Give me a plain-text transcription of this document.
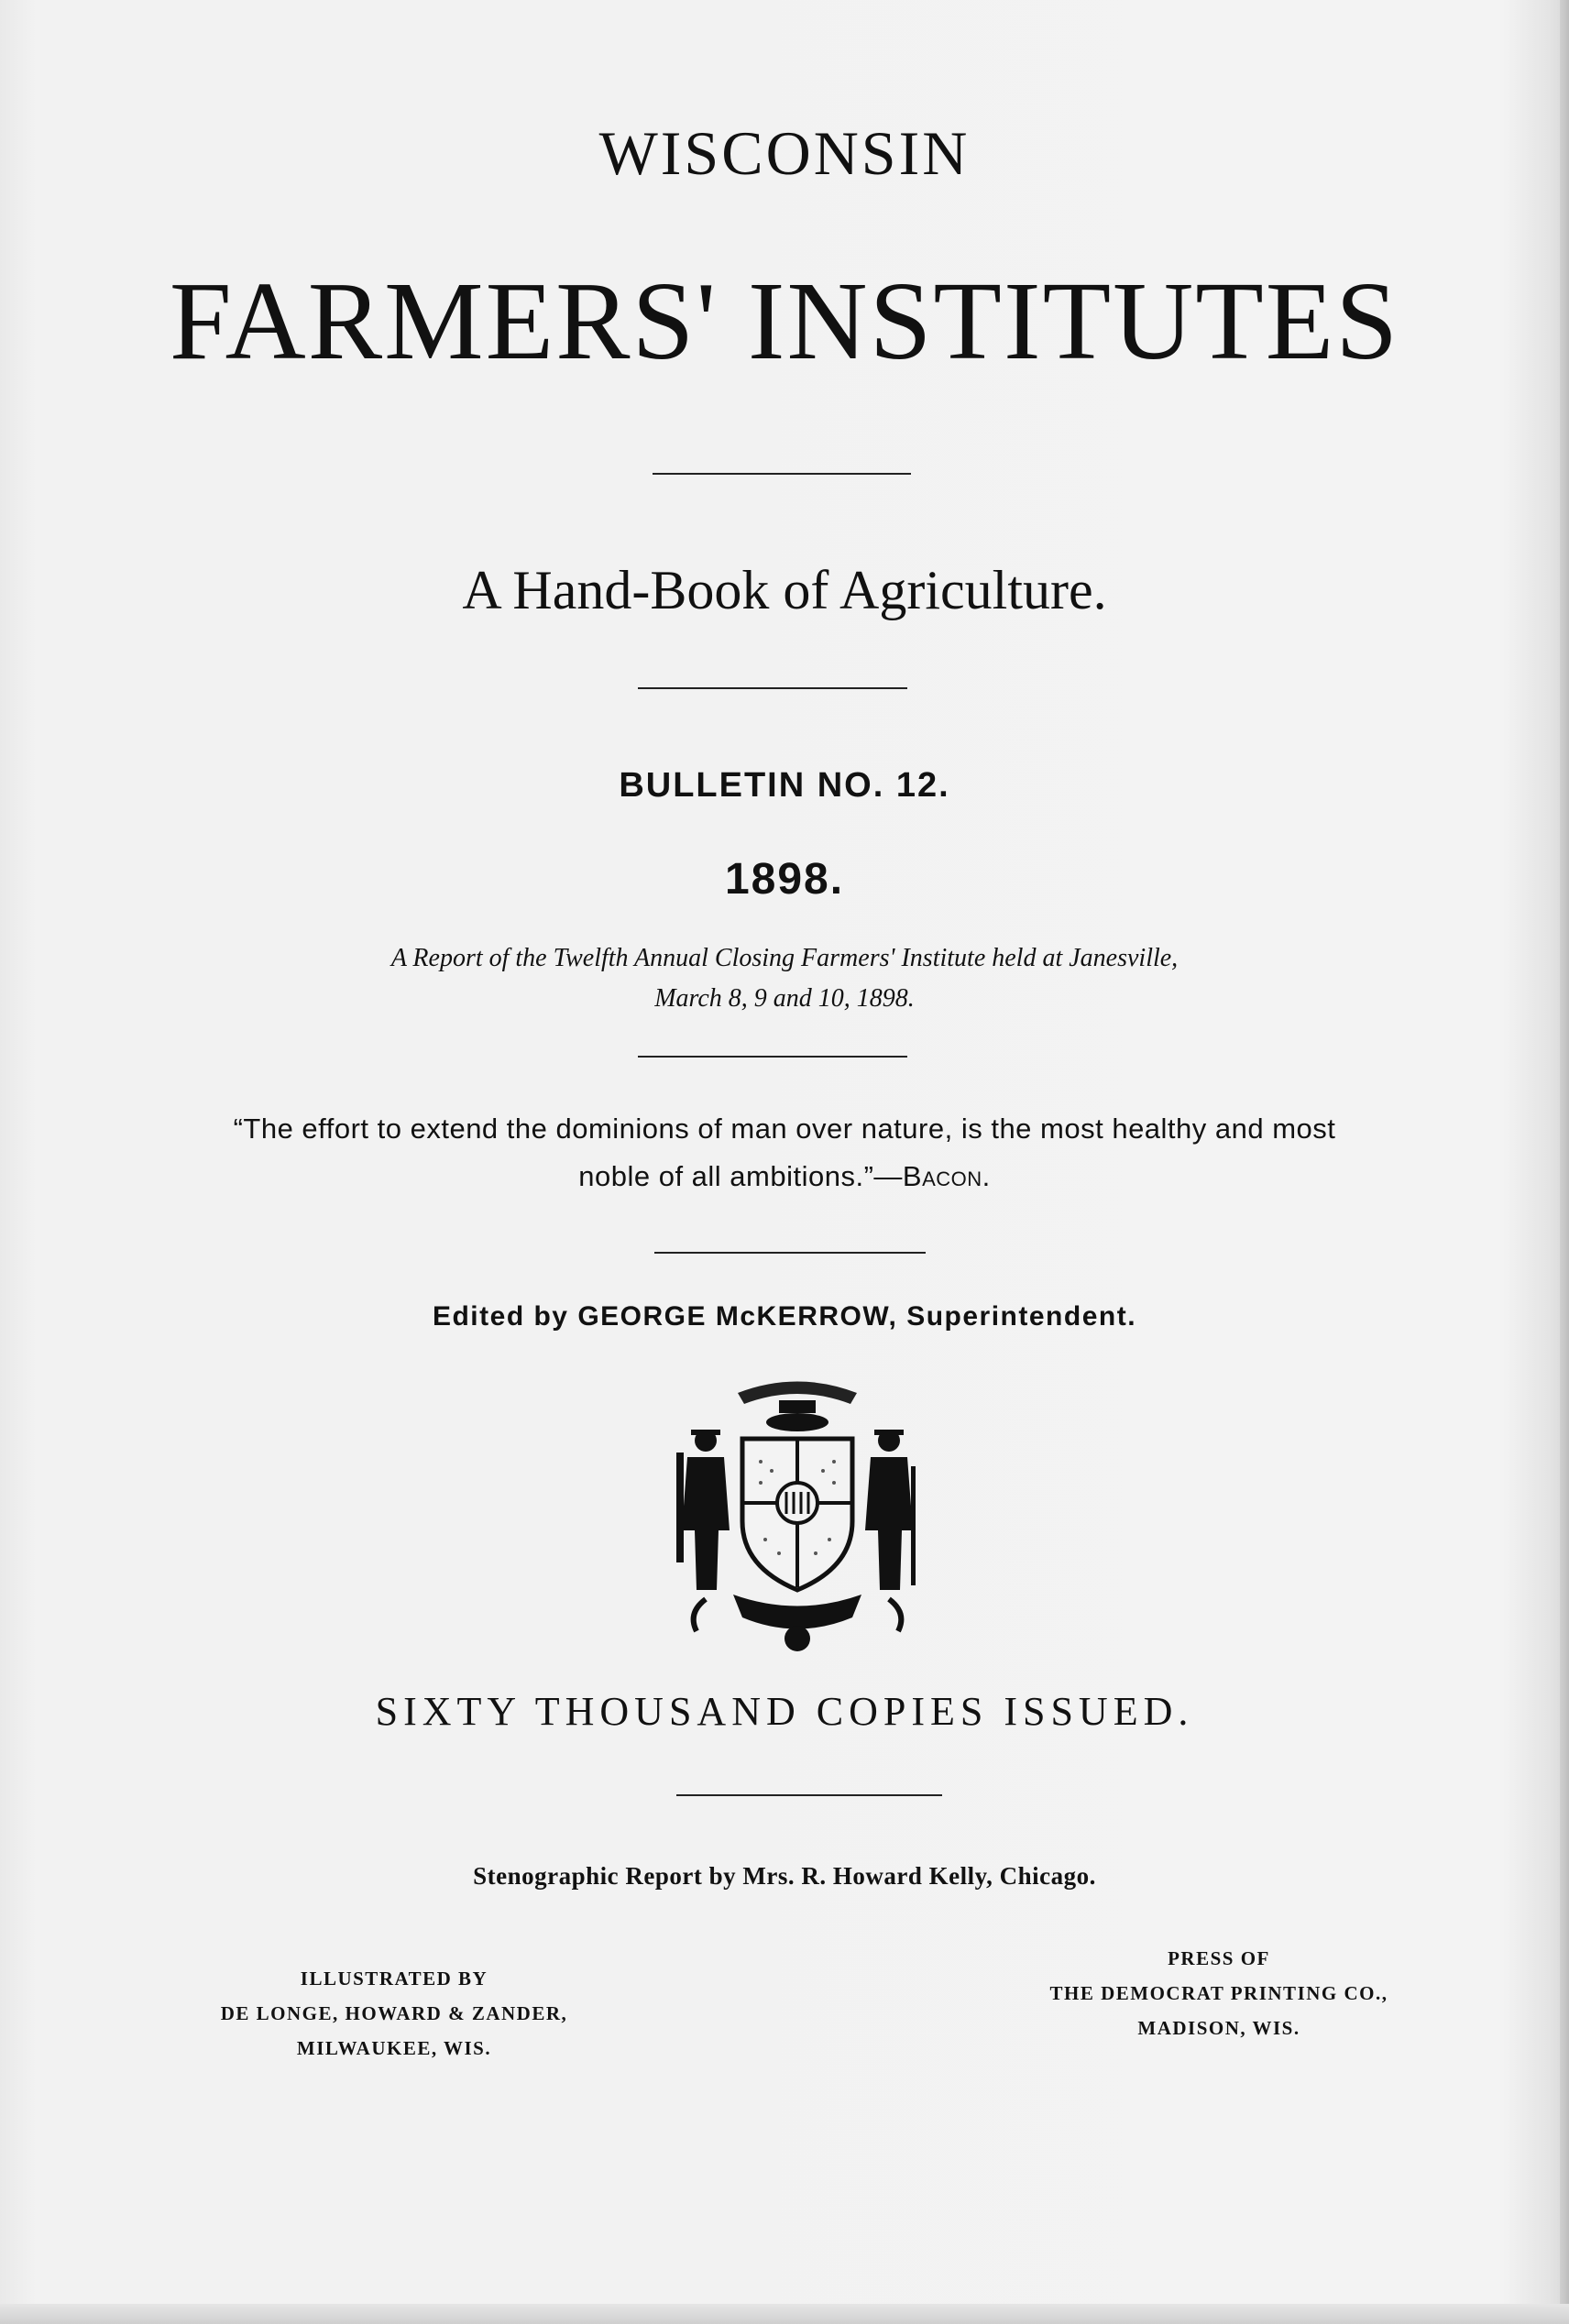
WISCONSIN
FARMERS' INSTITUTES
A Hand-Book of Agriculture.
BULLETIN NO. 12.
1898.
A Report of the Twelfth Annual Closing Farmers' Institute held at Janesville,
March 8, 9 and 10, 1898.
“The effort to extend the dominions of man over nature, is the most healthy and most noble of all ambitions.”—Bacon.
Edited by GEORGE McKERROW, Superintendent.
SIXTY THOUSAND COPIES ISSUED.
Stenographic Report by Mrs. R. Howard Kelly, Chicago.
ILLUSTRATED BY
DE LONGE, HOWARD & ZANDER,
MILWAUKEE, WIS.
PRESS OF
THE DEMOCRAT PRINTING CO.,
MADISON, WIS.
